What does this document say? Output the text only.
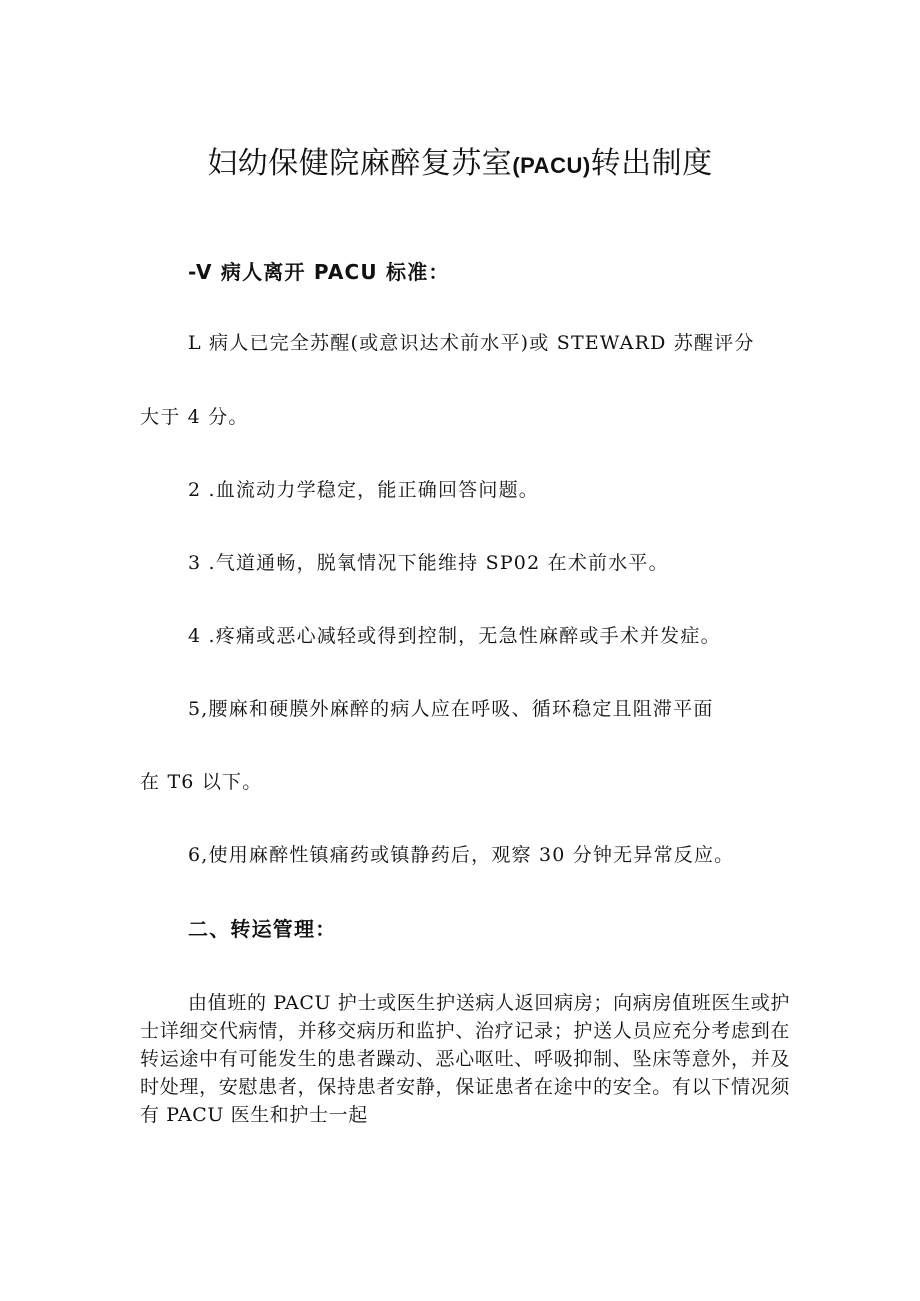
妇幼保健院麻醉复苏室(PACU)转出制度
-V 病人离开 PACU 标准：
L 病人已完全苏醒(或意识达术前水平)或 STEWARD 苏醒评分
大于 4 分。
2 .血流动力学稳定，能正确回答问题。
3 .气道通畅，脱氧情况下能维持 SP02 在术前水平。
4 .疼痛或恶心减轻或得到控制，无急性麻醉或手术并发症。
5,腰麻和硬膜外麻醉的病人应在呼吸、循环稳定且阻滞平面
在 T6 以下。
6,使用麻醉性镇痛药或镇静药后，观察 30 分钟无异常反应。
二、转运管理：
由值班的 PACU 护士或医生护送病人返回病房；向病房值班医生或护士详细交代病情，并移交病历和监护、治疗记录；护送人员应充分考虑到在转运途中有可能发生的患者躁动、恶心呕吐、呼吸抑制、坠床等意外，并及时处理，安慰患者，保持患者安静，保证患者在途中的安全。有以下情况须有 PACU 医生和护士一起
